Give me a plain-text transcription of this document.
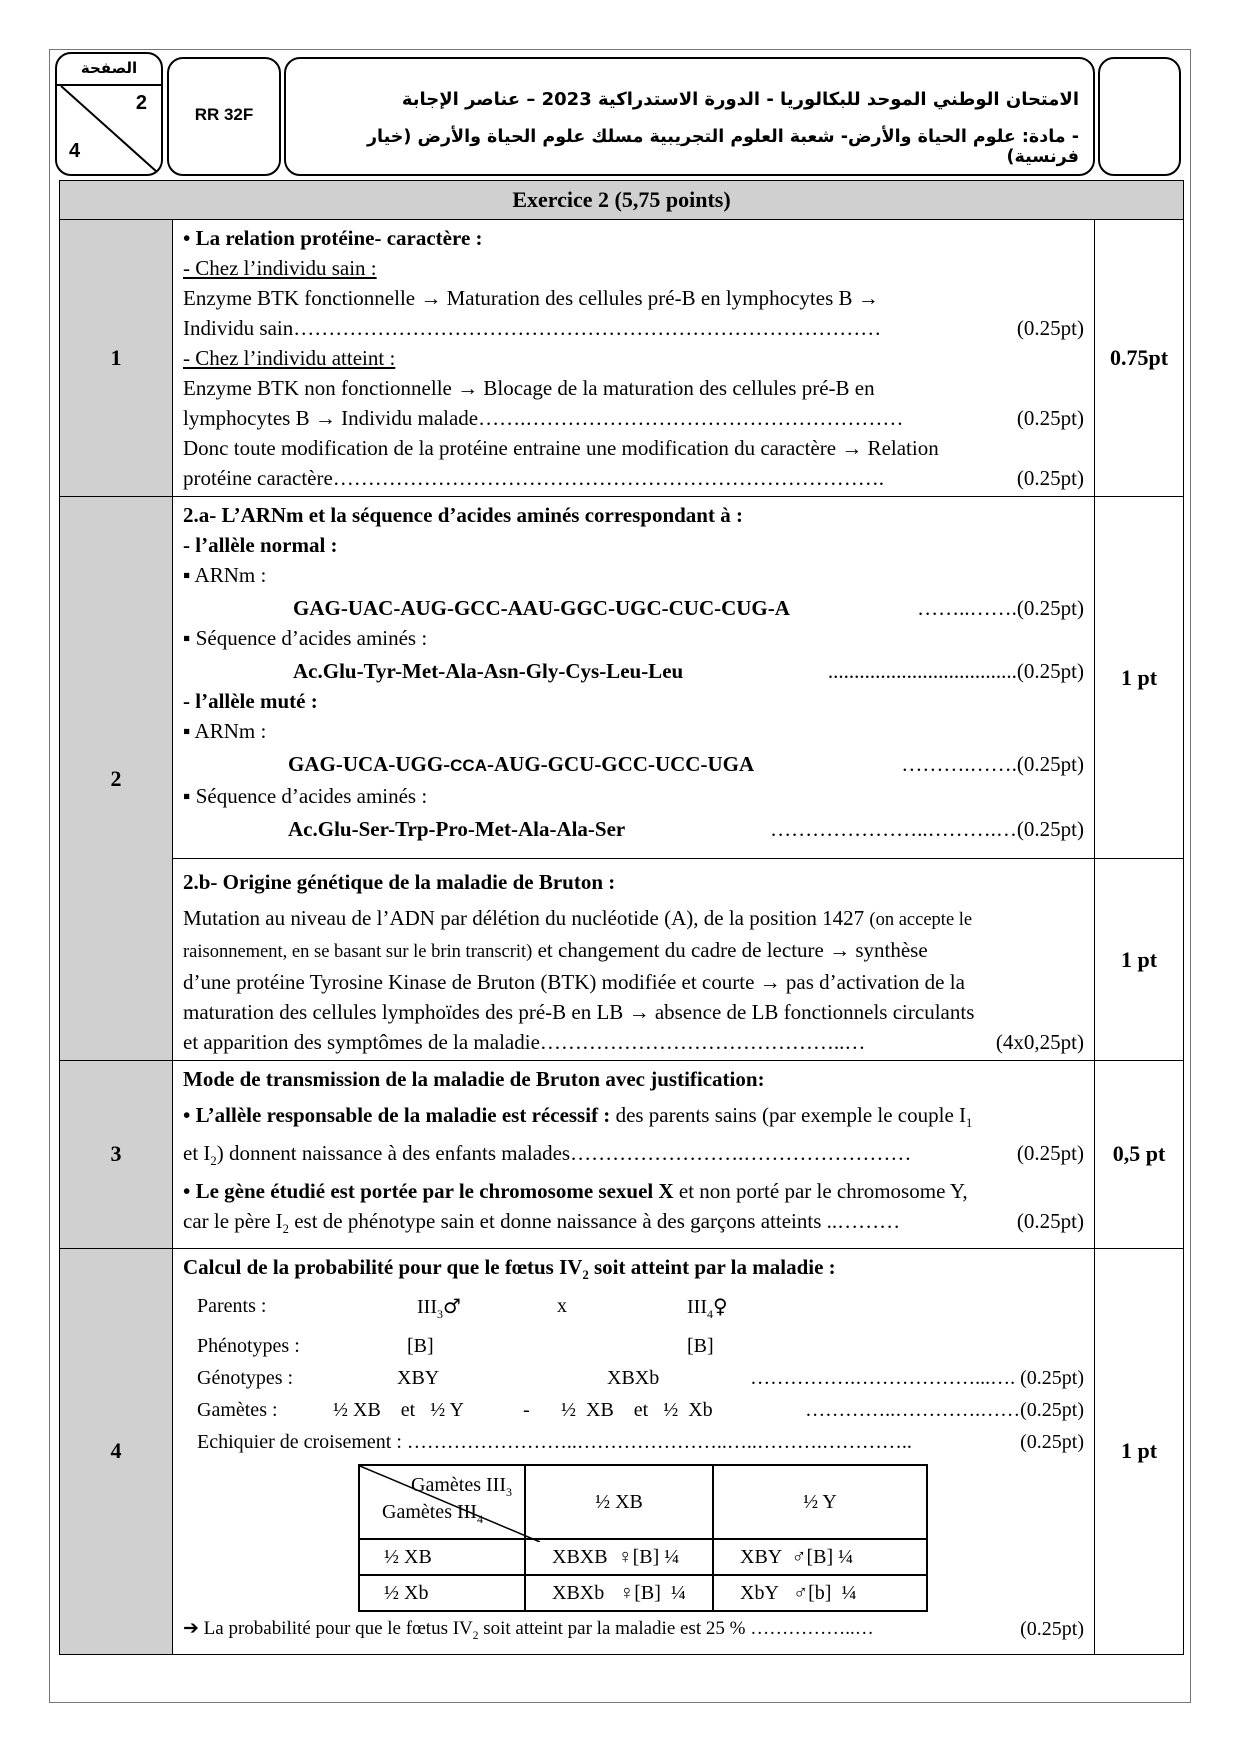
الصفحة
2
4
RR 32F
الامتحان الوطني الموحد للبكالوريا - الدورة الاستدراكية 2023 – عناصر الإجابة
- مادة: علوم الحياة والأرض- شعبة العلوم التجريبية مسلك علوم الحياة والأرض (خيار فرنسية)
Exercice 2 (5,75 points)
1	
• La relation protéine- caractère :
- Chez l’individu sain :
Enzyme BTK fonctionnelle → Maturation des cellules pré-B en lymphocytes B →
Individu sain…………………………………………………………………………	(0.25pt)
- Chez l’individu atteint :
Enzyme BTK non fonctionnelle → Blocage de la maturation des cellules pré-B en
lymphocytes B → Individu malade…….………………………………………………	(0.25pt)
Donc toute modification de la protéine entraine une modification du caractère → Relation
protéine caractère…………………………………………………………………….	(0.25pt)
	0.75pt
2	
2.a- L’ARNm et la séquence d’acides aminés correspondant à :
- l’allèle normal :
▪ ARNm :
GAG-UAC-AUG-GCC-AAU-GGC-UGC-CUC-CUG-A	……..…….(0.25pt)
▪ Séquence d’acides aminés :
Ac.Glu-Tyr-Met-Ala-Asn-Gly-Cys-Leu-Leu	....................................(0.25pt)
- l’allèle muté :
▪ ARNm :
GAG-UCA-UGG-CCA-AUG-GCU-GCC-UCC-UGA	……….…….(0.25pt)
▪ Séquence d’acides aminés :
Ac.Glu-Ser-Trp-Pro-Met-Ala-Ala-Ser	…………………..……….…(0.25pt)
	1 pt

2.b- Origine génétique de la maladie de Bruton :
Mutation au niveau de l’ADN par délétion du nucléotide (A), de la position 1427 (on accepte le
raisonnement, en se basant sur le brin transcrit) et changement du cadre de lecture → synthèse
d’une protéine Tyrosine Kinase de Bruton (BTK) modifiée et courte → pas d’activation de la
maturation des cellules lymphoïdes des pré-B en LB → absence de LB fonctionnels circulants
et apparition des symptômes de la maladie……………………………………..…	(4x0,25pt)
	1 pt
3	
Mode de transmission de la maladie de Bruton avec justification:
• L’allèle responsable de la maladie est récessif : des parents sains (par exemple le couple $I_1$
et $I_2$) donnent naissance à des enfants malades…………………….……………………	(0.25pt)
• Le gène étudié est portée par le chromosome sexuel X et non porté par le chromosome Y,
car le père $I_2$ est de phénotype sain et donne naissance à des garçons atteints ..………	(0.25pt)
	0,5 pt
4	
Calcul de la probabilité pour que le fœtus $IV_2$ soit atteint par la maladie :
Parents :	$III_3♂$	x	$III_4♀$
Phénotypes :	[B]	[B]
Génotypes :	XBY	XBXb	…………….………………...…. (0.25pt)
Gamètes :	½ XB    et   ½ Y	- ½  XB    et   ½  Xb	…………..………….……(0.25pt)
Echiquier de croisement : ……………………..…………………..…..……….…………..	(0.25pt)
Gamètes $III_3$
Gamètes $III_4$
	½ XB	½ Y
½ XB	XBXB  ♀[B] ¼	XBY  ♂[B] ¼
½ Xb	XBXb   ♀[B]  ¼	XbY   ♂[b]  ¼
➔ La probabilité pour que le fœtus $IV_2$ soit atteint par la maladie est 25 % ……………..…	(0.25pt)
	1 pt
